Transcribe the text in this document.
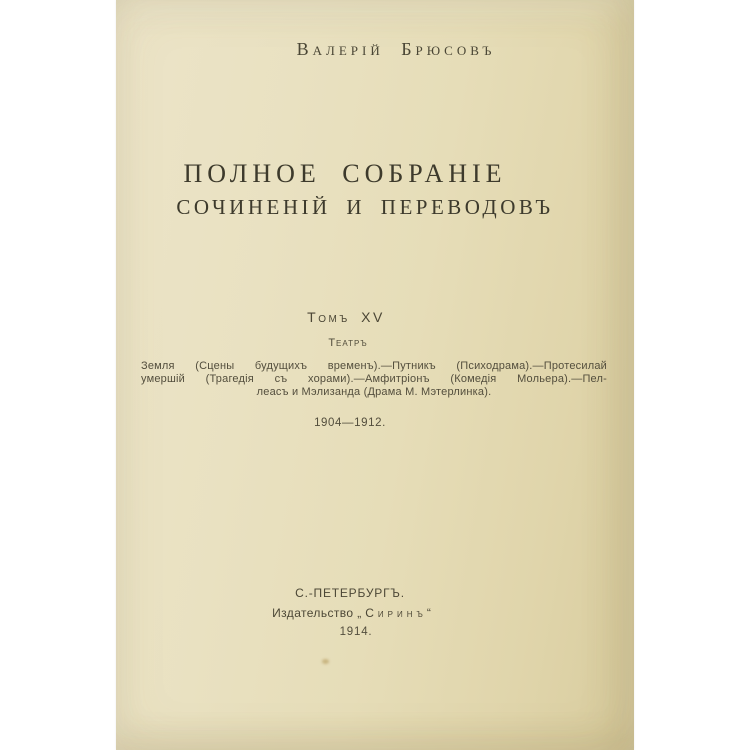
Валерій Брюсовъ
ПОЛНОЕ СОБРАНІЕ
СОЧИНЕНІЙ И ПЕРЕВОДОВЪ
Томъ XV
Театръ
Земля (Сцены будущихъ временъ).—Путникъ (Психодрама).—Протесилай
умершій (Трагедія съ хорами).—Амфитріонъ (Комедія Мольера).—Пел-
леасъ и Мэлизанда (Драма М. Мэтерлинка).
1904—1912.
С.-ПЕТЕРБУРГЪ.
Издательство „ Сиринъ“
1914.
